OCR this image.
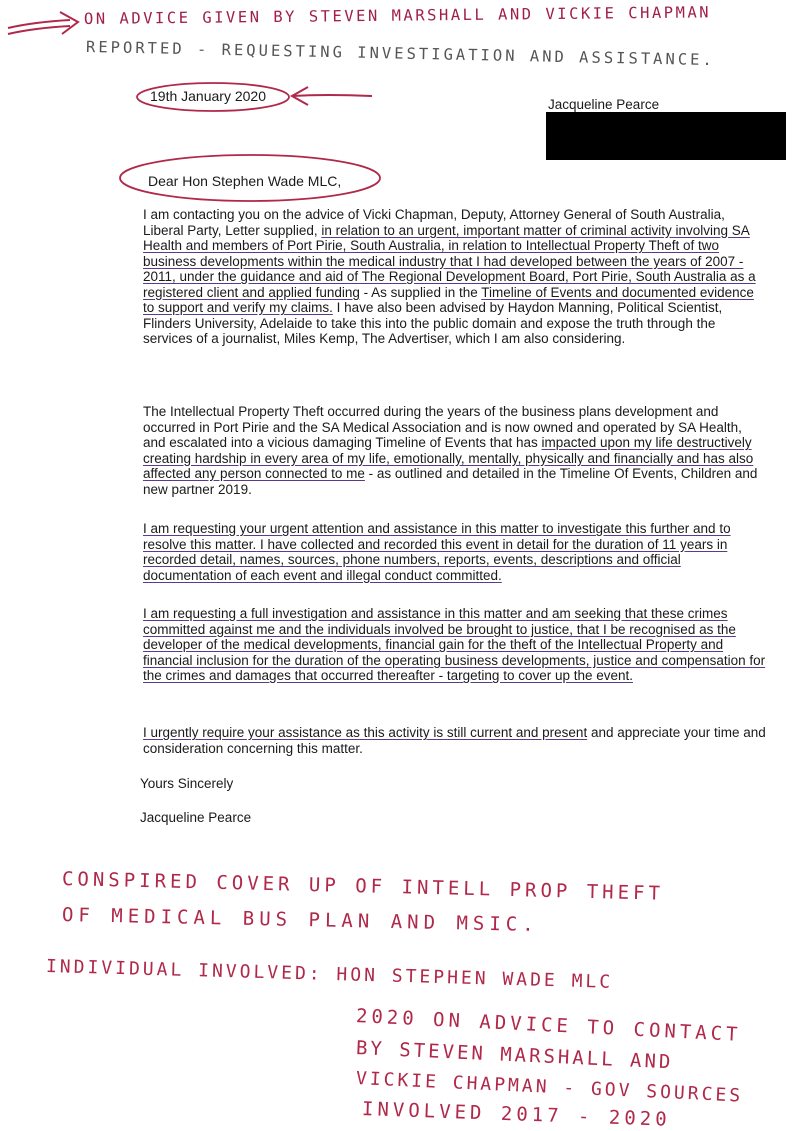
ON ADVICE GIVEN BY STEVEN MARSHALL AND VICKIE CHAPMAN
REPORTED - REQUESTING INVESTIGATION AND ASSISTANCE.
19th January 2020
Jacqueline Pearce
Dear Hon Stephen Wade MLC,
I am contacting you on the advice of Vicki Chapman, Deputy, Attorney General of South Australia, Liberal Party, Letter supplied, in relation to an urgent, important matter of criminal activity involving SA Health and members of Port Pirie, South Australia, in relation to Intellectual Property Theft of two business developments within the medical industry that I had developed between the years of 2007 - 2011, under the guidance and aid of The Regional Development Board, Port Pirie, South Australia as a registered client and applied funding - As supplied in the Timeline of Events and documented evidence to support and verify my claims. I have also been advised by Haydon Manning, Political Scientist, Flinders University, Adelaide to take this into the public domain and expose the truth through the services of a journalist, Miles Kemp, The Advertiser, which I am also considering.
The Intellectual Property Theft occurred during the years of the business plans development and occurred in Port Pirie and the SA Medical Association and is now owned and operated by SA Health, and escalated into a vicious damaging Timeline of Events that has impacted upon my life destructively creating hardship in every area of my life, emotionally, mentally, physically and financially and has also affected any person connected to me - as outlined and detailed in the Timeline Of Events, Children and new partner 2019.
I am requesting your urgent attention and assistance in this matter to investigate this further and to resolve this matter. I have collected and recorded this event in detail for the duration of 11 years in recorded detail, names, sources, phone numbers, reports, events, descriptions and official documentation of each event and illegal conduct committed.
I am requesting a full investigation and assistance in this matter and am seeking that these crimes committed against me and the individuals involved be brought to justice, that I be recognised as the developer of the medical developments, financial gain for the theft of the Intellectual Property and financial inclusion for the duration of the operating business developments, justice and compensation for the crimes and damages that occurred thereafter - targeting to cover up the event.
I urgently require your assistance as this activity is still current and present and appreciate your time and consideration concerning this matter.
Yours Sincerely
Jacqueline Pearce
CONSPIRED COVER UP OF INTELL PROP THEFT
OF MEDICAL BUS PLAN AND MSIC.
INDIVIDUAL INVOLVED: HON STEPHEN WADE MLC
2020 ON ADVICE TO CONTACT
BY STEVEN MARSHALL AND
VICKIE CHAPMAN - GOV SOURCES
INVOLVED 2017 - 2020
